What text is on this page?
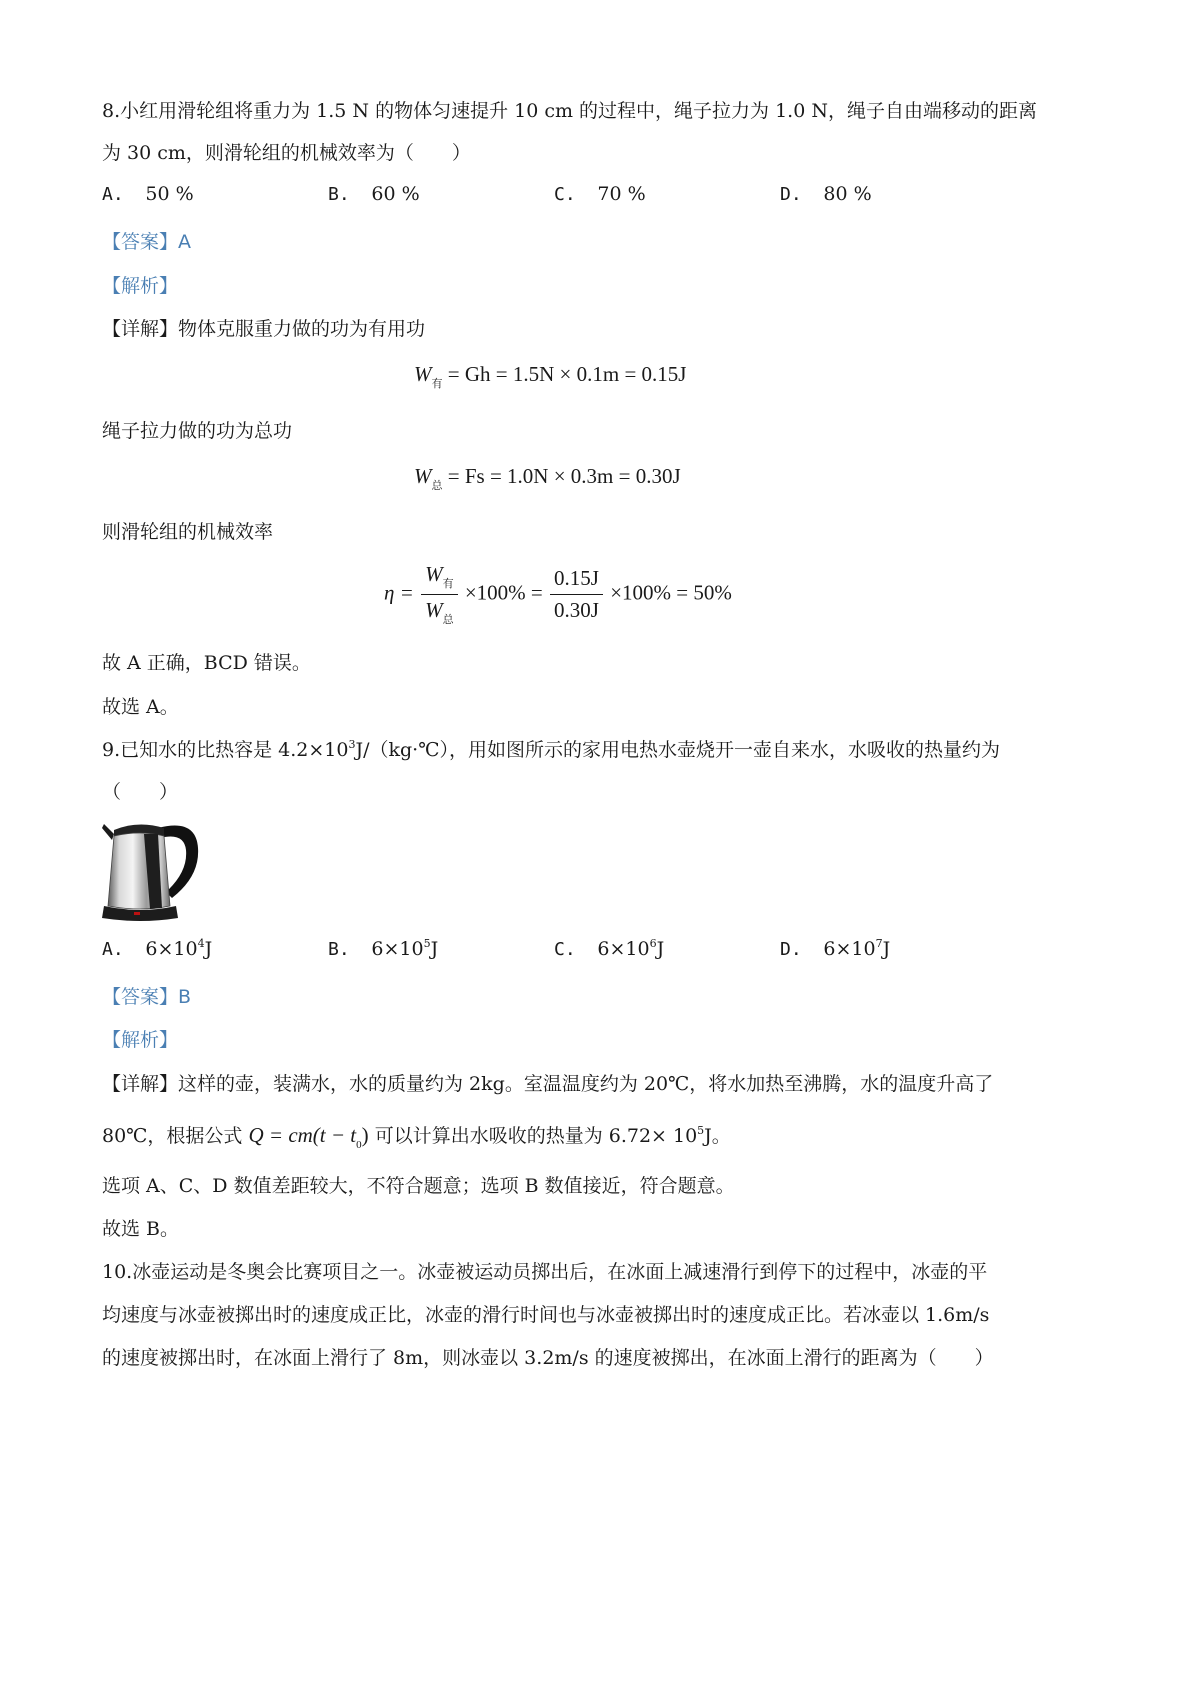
8.小红用滑轮组将重力为 1.5 N 的物体匀速提升 10 cm 的过程中，绳子拉力为 1.0 N，绳子自由端移动的距离
为 30 cm，则滑轮组的机械效率为（　　）
A. 50 %	B. 60 %	C. 70 %	D. 80 %
【答案】A
【解析】
【详解】物体克服重力做的功为有用功
$W_有 = Gh = 1.5N \times 0.1m = 0.15J$
绳子拉力做的功为总功
$W_总 = Fs = 1.0N \times 0.3m = 0.30J$
则滑轮组的机械效率
$\eta = \frac{W_有}{W_总} \times 100\% = \frac{0.15J}{0.30J} \times 100\% = 50\%$
故 A 正确，BCD 错误。
故选 A。
9.已知水的比热容是 $4.2\times 10^3J/(kg\cdot℃)$，用如图所示的家用电热水壶烧开一壶自来水，水吸收的热量约为
（　　）
A. $6\times 10^4J$	B. $6\times 10^5J$	C. $6\times 10^6J$	D. $6\times 10^7J$
【答案】B
【解析】
【详解】这样的壶，装满水，水的质量约为 2kg。室温温度约为 20℃，将水加热至沸腾，水的温度升高了
80℃，根据公式 $Q = cm(t - t_0)$ 可以计算出水吸收的热量为 $6.72\times 10^5J$。
选项 A、C、D 数值差距较大，不符合题意；选项 B 数值接近，符合题意。
故选 B。
10.冰壶运动是冬奥会比赛项目之一。冰壶被运动员掷出后，在冰面上减速滑行到停下的过程中，冰壶的平
均速度与冰壶被掷出时的速度成正比，冰壶的滑行时间也与冰壶被掷出时的速度成正比。若冰壶以 1.6m/s
的速度被掷出时，在冰面上滑行了 8m，则冰壶以 3.2m/s 的速度被掷出，在冰面上滑行的距离为（　　）
